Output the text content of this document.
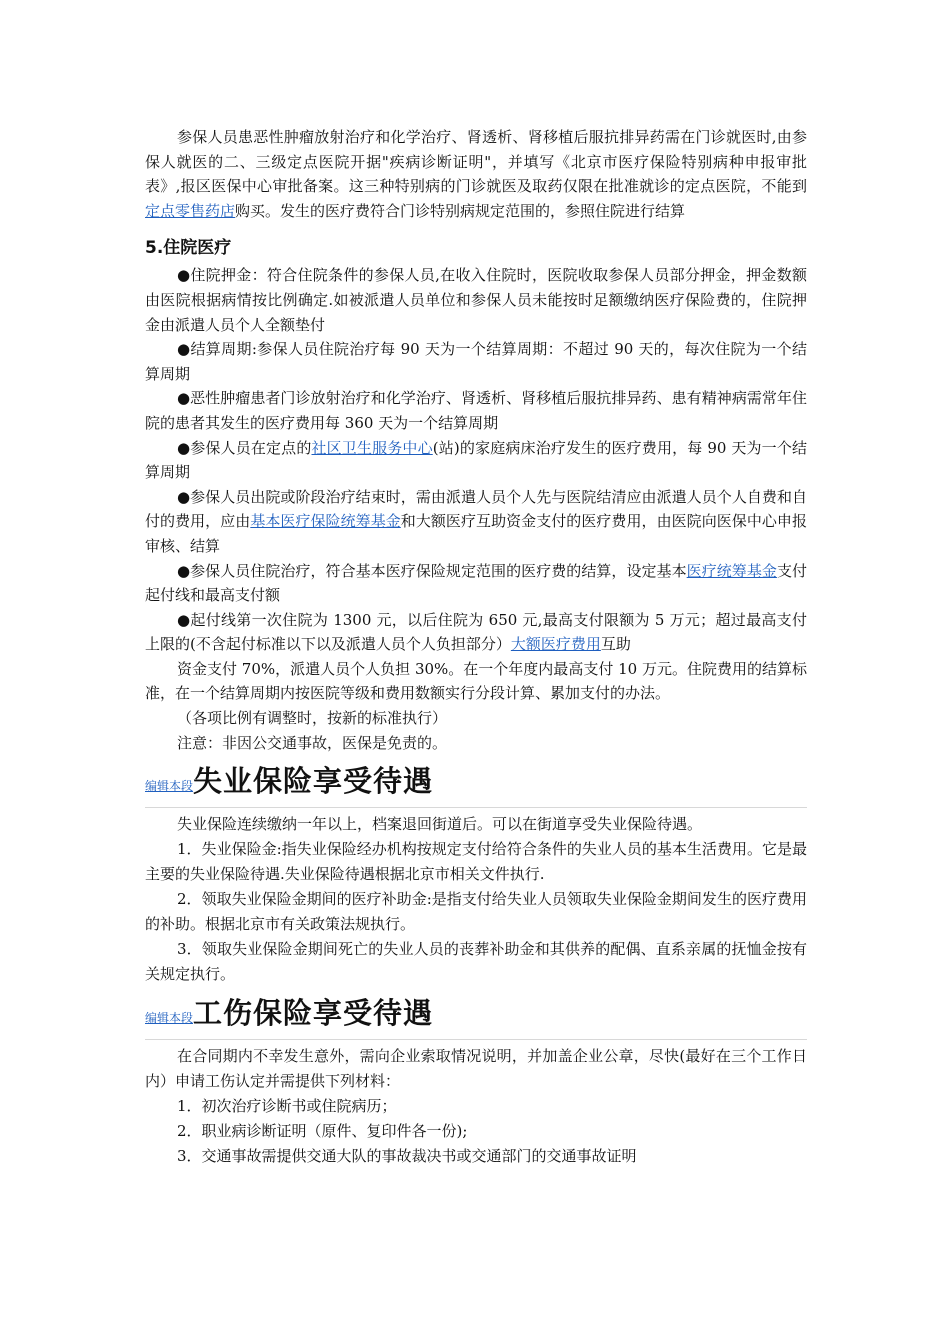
参保人员患恶性肿瘤放射治疗和化学治疗、肾透析、肾移植后服抗排异药需在门诊就医时,由参保人就医的二、三级定点医院开据"疾病诊断证明"，并填写《北京市医疗保险特别病种申报审批表》,报区医保中心审批备案。这三种特别病的门诊就医及取药仅限在批准就诊的定点医院，不能到定点零售药店购买。发生的医疗费符合门诊特别病规定范围的，参照住院进行结算

5.住院医疗

●住院押金：符合住院条件的参保人员,在收入住院时，医院收取参保人员部分押金，押金数额由医院根据病情按比例确定.如被派遣人员单位和参保人员未能按时足额缴纳医疗保险费的，住院押金由派遣人员个人全额垫付

●结算周期:参保人员住院治疗每 90 天为一个结算周期：不超过 90 天的，每次住院为一个结算周期

●恶性肿瘤患者门诊放射治疗和化学治疗、肾透析、肾移植后服抗排异药、患有精神病需常年住院的患者其发生的医疗费用每 360 天为一个结算周期

●参保人员在定点的社区卫生服务中心(站)的家庭病床治疗发生的医疗费用，每 90 天为一个结算周期

●参保人员出院或阶段治疗结束时，需由派遣人员个人先与医院结清应由派遣人员个人自费和自付的费用，应由基本医疗保险统筹基金和大额医疗互助资金支付的医疗费用，由医院向医保中心申报审核、结算

●参保人员住院治疗，符合基本医疗保险规定范围的医疗费的结算，设定基本医疗统筹基金支付起付线和最高支付额

●起付线第一次住院为 1300 元，以后住院为 650 元,最高支付限额为 5 万元；超过最高支付上限的(不含起付标准以下以及派遣人员个人负担部分）大额医疗费用互助

资金支付 70%，派遣人员个人负担 30%。在一个年度内最高支付 10 万元。住院费用的结算标准，在一个结算周期内按医院等级和费用数额实行分段计算、累加支付的办法。

（各项比例有调整时，按新的标准执行）

注意：非因公交通事故，医保是免责的。

编辑本段 失业保险享受待遇

失业保险连续缴纳一年以上，档案退回街道后。可以在街道享受失业保险待遇。

1．失业保险金:指失业保险经办机构按规定支付给符合条件的失业人员的基本生活费用。它是最主要的失业保险待遇.失业保险待遇根据北京市相关文件执行.

2．领取失业保险金期间的医疗补助金:是指支付给失业人员领取失业保险金期间发生的医疗费用的补助。根据北京市有关政策法规执行。

3．领取失业保险金期间死亡的失业人员的丧葬补助金和其供养的配偶、直系亲属的抚恤金按有关规定执行。

编辑本段 工伤保险享受待遇

在合同期内不幸发生意外，需向企业索取情况说明，并加盖企业公章，尽快(最好在三个工作日内）申请工伤认定并需提供下列材料：

1．初次治疗诊断书或住院病历；

2．职业病诊断证明（原件、复印件各一份);

3．交通事故需提供交通大队的事故裁决书或交通部门的交通事故证明
